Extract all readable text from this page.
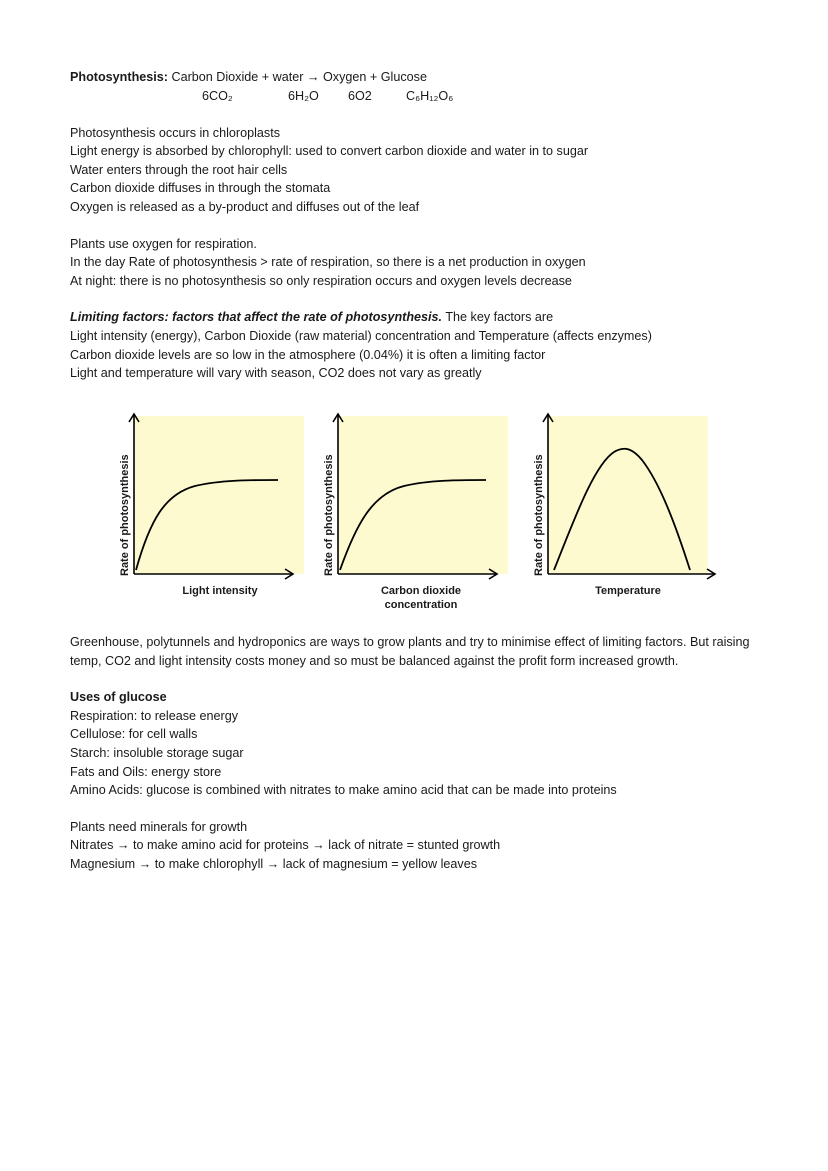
Photosynthesis: Carbon Dioxide + water → Oxygen + Glucose
6CO₂	6H₂O 6O2	C₆H₁₂O₆
Photosynthesis occurs in chloroplasts
Light energy is absorbed by chlorophyll: used to convert carbon dioxide and water in to sugar
Water enters through the root hair cells
Carbon dioxide diffuses in through the stomata
Oxygen is released as a by-product and diffuses out of the leaf
Plants use oxygen for respiration.
In the day Rate of photosynthesis > rate of respiration, so there is a net production in oxygen
At night: there is no photosynthesis so only respiration occurs and oxygen levels decrease
Limiting factors: factors that affect the rate of photosynthesis. The key factors are
Light intensity (energy), Carbon Dioxide (raw material) concentration and Temperature (affects enzymes)
Carbon dioxide levels are so low in the atmosphere (0.04%) it is often a limiting factor
Light and temperature will vary with season, CO2 does not vary as greatly
Rate of photosynthesis
Light intensity
Rate of photosynthesis
Carbon dioxide
concentration
Rate of photosynthesis
Temperature
Greenhouse, polytunnels and hydroponics are ways to grow plants and try to minimise effect of limiting factors. But raising temp, CO2 and light intensity costs money and so must be balanced against the profit form increased growth.
Uses of glucose
Respiration: to release energy
Cellulose: for cell walls
Starch: insoluble storage sugar
Fats and Oils: energy store
Amino Acids: glucose is combined with nitrates to make amino acid that can be made into proteins
Plants need minerals for growth
Nitrates → to make amino acid for proteins → lack of nitrate = stunted growth
Magnesium → to make chlorophyll → lack of magnesium = yellow leaves
